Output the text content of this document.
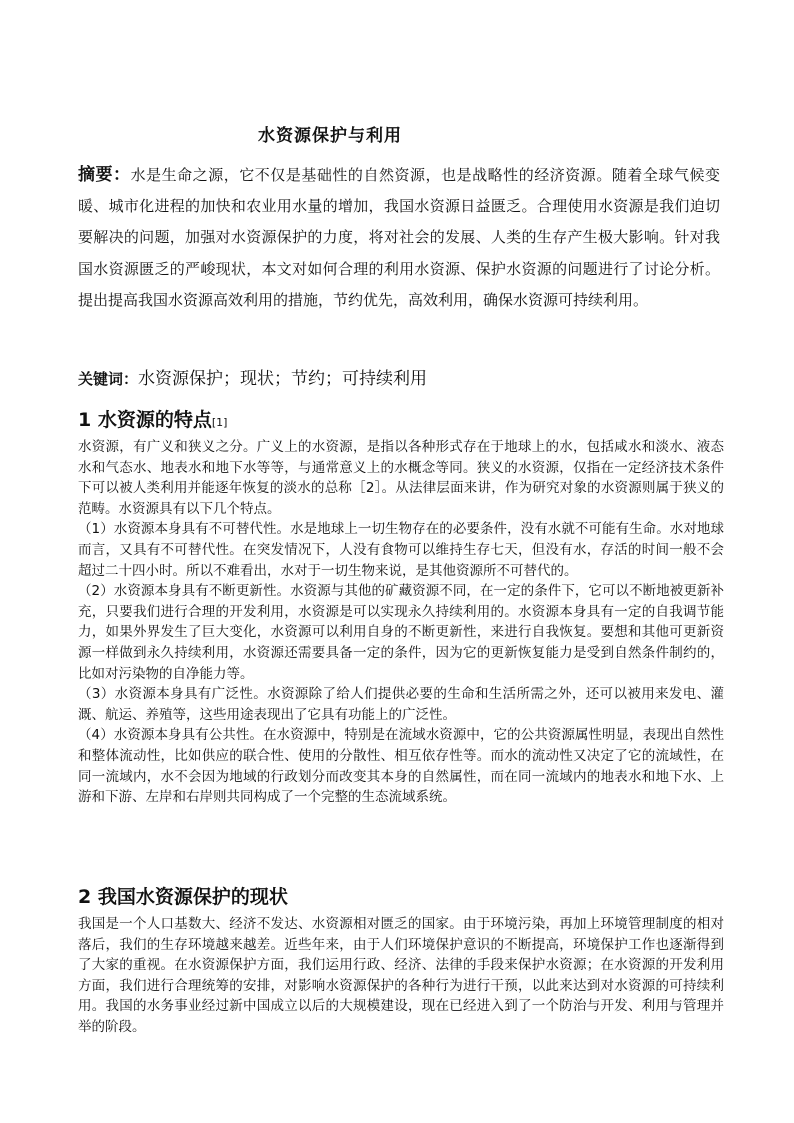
水资源保护与利用

摘要：水是生命之源，它不仅是基础性的自然资源，也是战略性的经济资源。随着全球气候变暖、城市化进程的加快和农业用水量的增加，我国水资源日益匮乏。合理使用水资源是我们迫切要解决的问题，加强对水资源保护的力度，将对社会的发展、人类的生存产生极大影响。针对我国水资源匮乏的严峻现状，本文对如何合理的利用水资源、保护水资源的问题进行了讨论分析。提出提高我国水资源高效利用的措施，节约优先，高效利用，确保水资源可持续利用。

关键词：水资源保护；现状；节约；可持续利用

1 水资源的特点[1]

水资源，有广义和狭义之分。广义上的水资源，是指以各种形式存在于地球上的水，包括咸水和淡水、液态水和气态水、地表水和地下水等等，与通常意义上的水概念等同。狭义的水资源，仅指在一定经济技术条件下可以被人类利用并能逐年恢复的淡水的总称［2］。从法律层面来讲，作为研究对象的水资源则属于狭义的范畴。水资源具有以下几个特点。

（1）水资源本身具有不可替代性。水是地球上一切生物存在的必要条件，没有水就不可能有生命。水对地球而言，又具有不可替代性。在突发情况下，人没有食物可以维持生存七天，但没有水，存活的时间一般不会超过二十四小时。所以不难看出，水对于一切生物来说，是其他资源所不可替代的。

（2）水资源本身具有不断更新性。水资源与其他的矿藏资源不同，在一定的条件下，它可以不断地被更新补充，只要我们进行合理的开发利用，水资源是可以实现永久持续利用的。水资源本身具有一定的自我调节能力，如果外界发生了巨大变化，水资源可以利用自身的不断更新性，来进行自我恢复。要想和其他可更新资源一样做到永久持续利用，水资源还需要具备一定的条件，因为它的更新恢复能力是受到自然条件制约的，比如对污染物的自净能力等。

（3）水资源本身具有广泛性。水资源除了给人们提供必要的生命和生活所需之外，还可以被用来发电、灌溉、航运、养殖等，这些用途表现出了它具有功能上的广泛性。

（4）水资源本身具有公共性。在水资源中，特别是在流域水资源中，它的公共资源属性明显，表现出自然性和整体流动性，比如供应的联合性、使用的分散性、相互依存性等。而水的流动性又决定了它的流域性，在同一流域内，水不会因为地域的行政划分而改变其本身的自然属性，而在同一流域内的地表水和地下水、上游和下游、左岸和右岸则共同构成了一个完整的生态流域系统。

2 我国水资源保护的现状

我国是一个人口基数大、经济不发达、水资源相对匮乏的国家。由于环境污染，再加上环境管理制度的相对落后，我们的生存环境越来越差。近些年来，由于人们环境保护意识的不断提高，环境保护工作也逐渐得到了大家的重视。在水资源保护方面，我们运用行政、经济、法律的手段来保护水资源；在水资源的开发利用方面，我们进行合理统筹的安排，对影响水资源保护的各种行为进行干预，以此来达到对水资源的可持续利用。我国的水务事业经过新中国成立以后的大规模建设，现在已经进入到了一个防治与开发、利用与管理并举的阶段。
